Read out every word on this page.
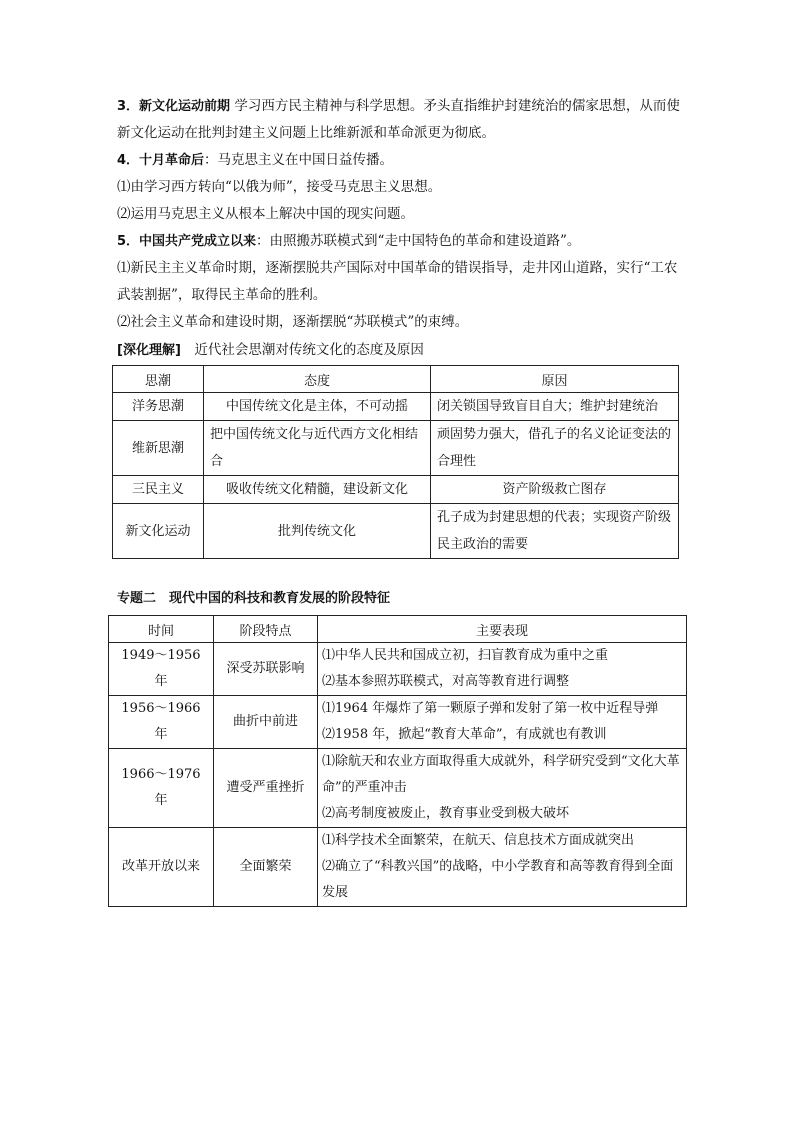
3．新文化运动前期 学习西方民主精神与科学思想。矛头直指维护封建统治的儒家思想，从而使新文化运动在批判封建主义问题上比维新派和革命派更为彻底。

4．十月革命后：马克思主义在中国日益传播。

⑴由学习西方转向“以俄为师”，接受马克思主义思想。

⑵运用马克思主义从根本上解决中国的现实问题。

5．中国共产党成立以来：由照搬苏联模式到“走中国特色的革命和建设道路”。

⑴新民主主义革命时期，逐渐摆脱共产国际对中国革命的错误指导，走井冈山道路，实行“工农武装割据”，取得民主革命的胜利。

⑵社会主义革命和建设时期，逐渐摆脱“苏联模式”的束缚。

[深化理解]　 近代社会思潮对传统文化的态度及原因

思潮	态度	原因
洋务思潮	中国传统文化是主体，不可动摇	闭关锁国导致盲目自大；维护封建统治
维新思潮	把中国传统文化与近代西方文化相结合	顽固势力强大，借孔子的名义论证变法的合理性
三民主义	吸收传统文化精髓，建设新文化	资产阶级救亡图存
新文化运动	批判传统文化	孔子成为封建思想的代表；实现资产阶级民主政治的需要

专题二　现代中国的科技和教育发展的阶段特征

时间	阶段特点	主要表现
1949～1956 年	深受苏联影响	⑴中华人民共和国成立初，扫盲教育成为重中之重
⑵基本参照苏联模式，对高等教育进行调整

1956～1966 年	曲折中前进	⑴1964 年爆炸了第一颗原子弹和发射了第一枚中近程导弹
⑵1958 年，掀起“教育大革命”，有成就也有教训

1966～1976 年	遭受严重挫折	⑴除航天和农业方面取得重大成就外，科学研究受到“文化大革命”的严重冲击
⑵高考制度被废止，教育事业受到极大破坏

改革开放以来	全面繁荣	⑴科学技术全面繁荣，在航天、信息技术方面成就突出
⑵确立了“科教兴国”的战略，中小学教育和高等教育得到全面发展
